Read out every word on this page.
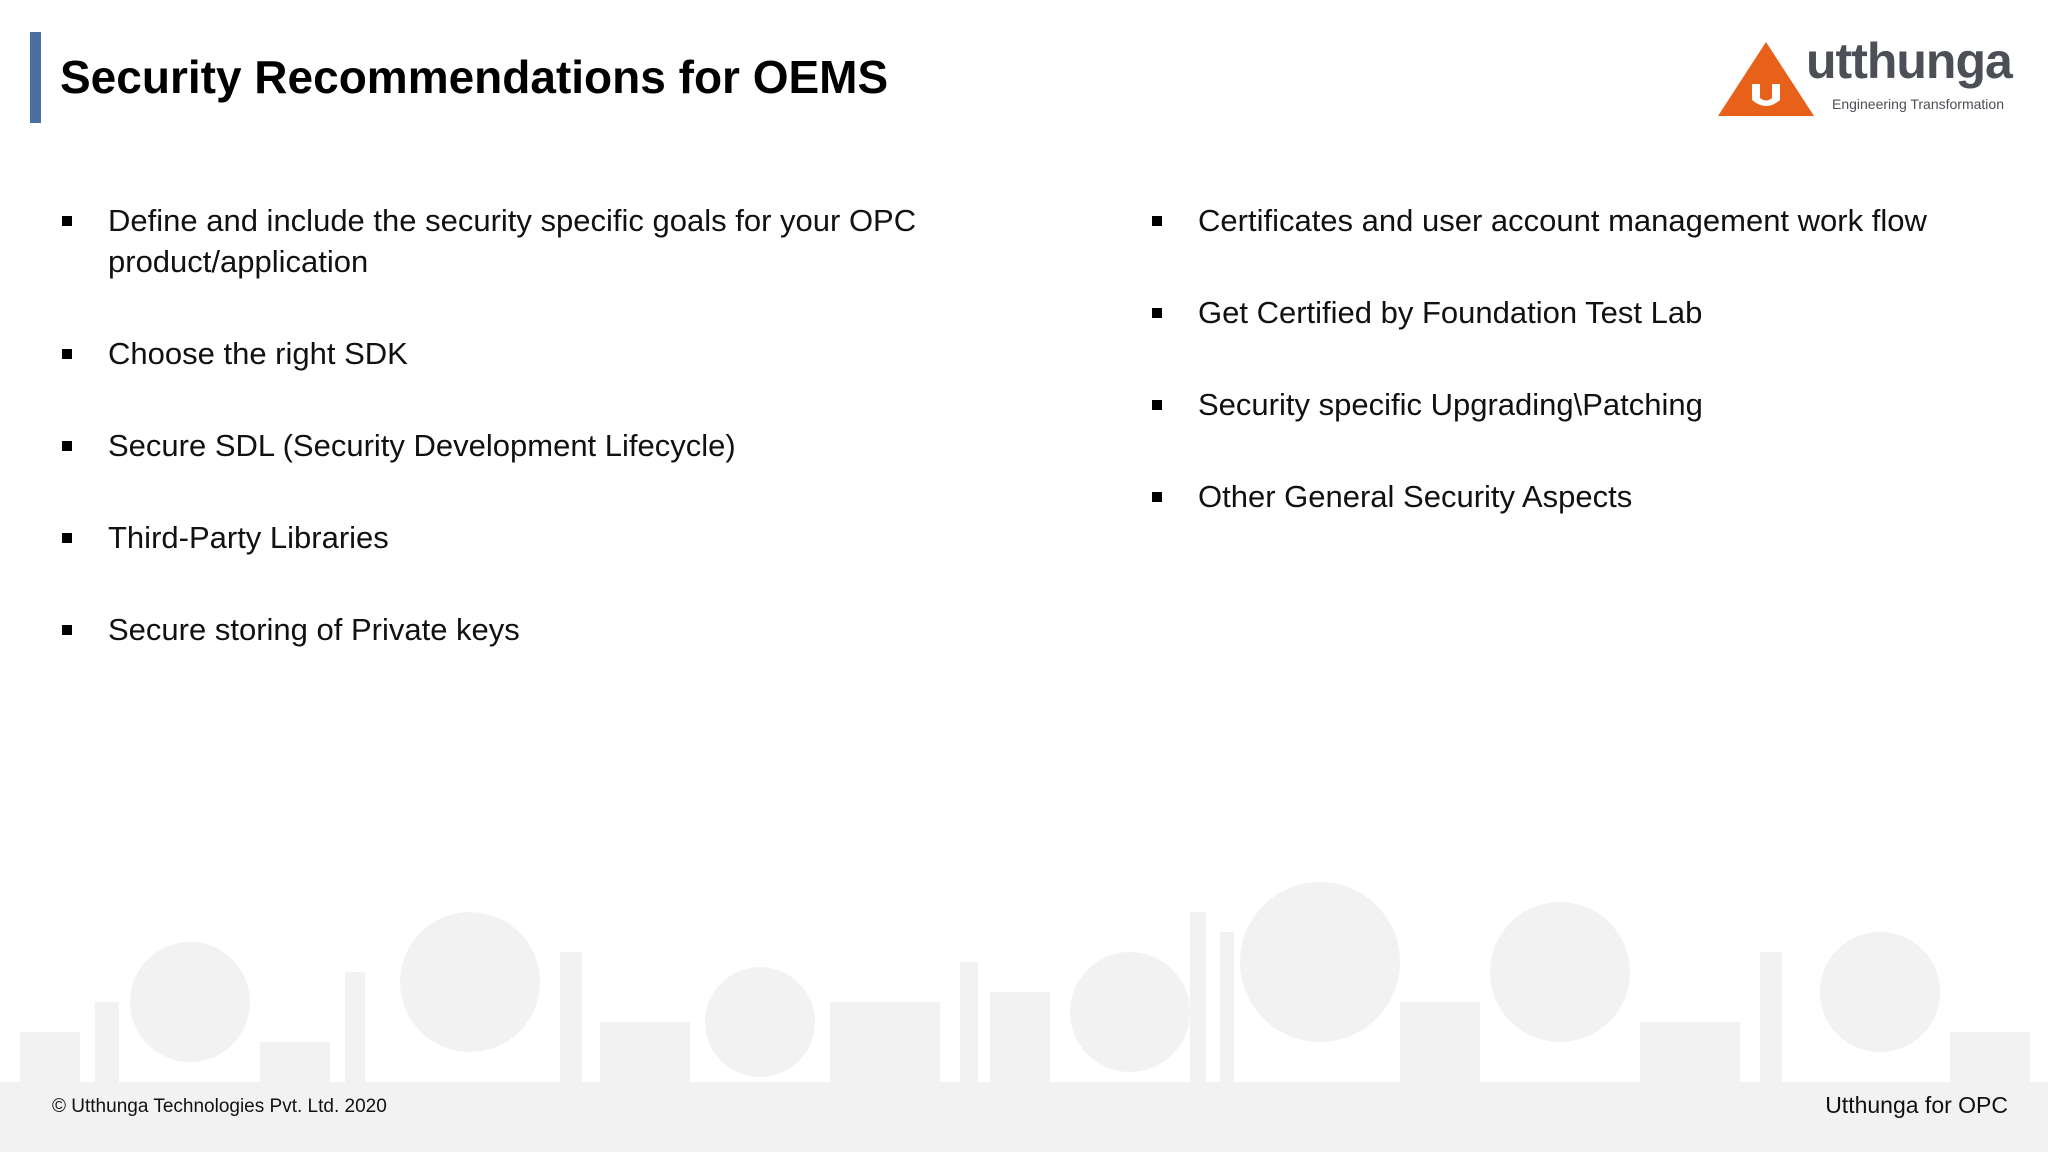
Security Recommendations for OEMS	utthunga
Engineering Transformation
Define and include the security specific goals for your OPC product/application
Choose the right SDK
Secure SDL (Security Development Lifecycle)
Third-Party Libraries
Secure storing of Private keys
Certificates and user account management work flow
Get Certified by Foundation Test Lab
Security specific Upgrading\Patching
Other General Security Aspects
© Utthunga Technologies Pvt. Ltd. 2020	Utthunga for OPC
